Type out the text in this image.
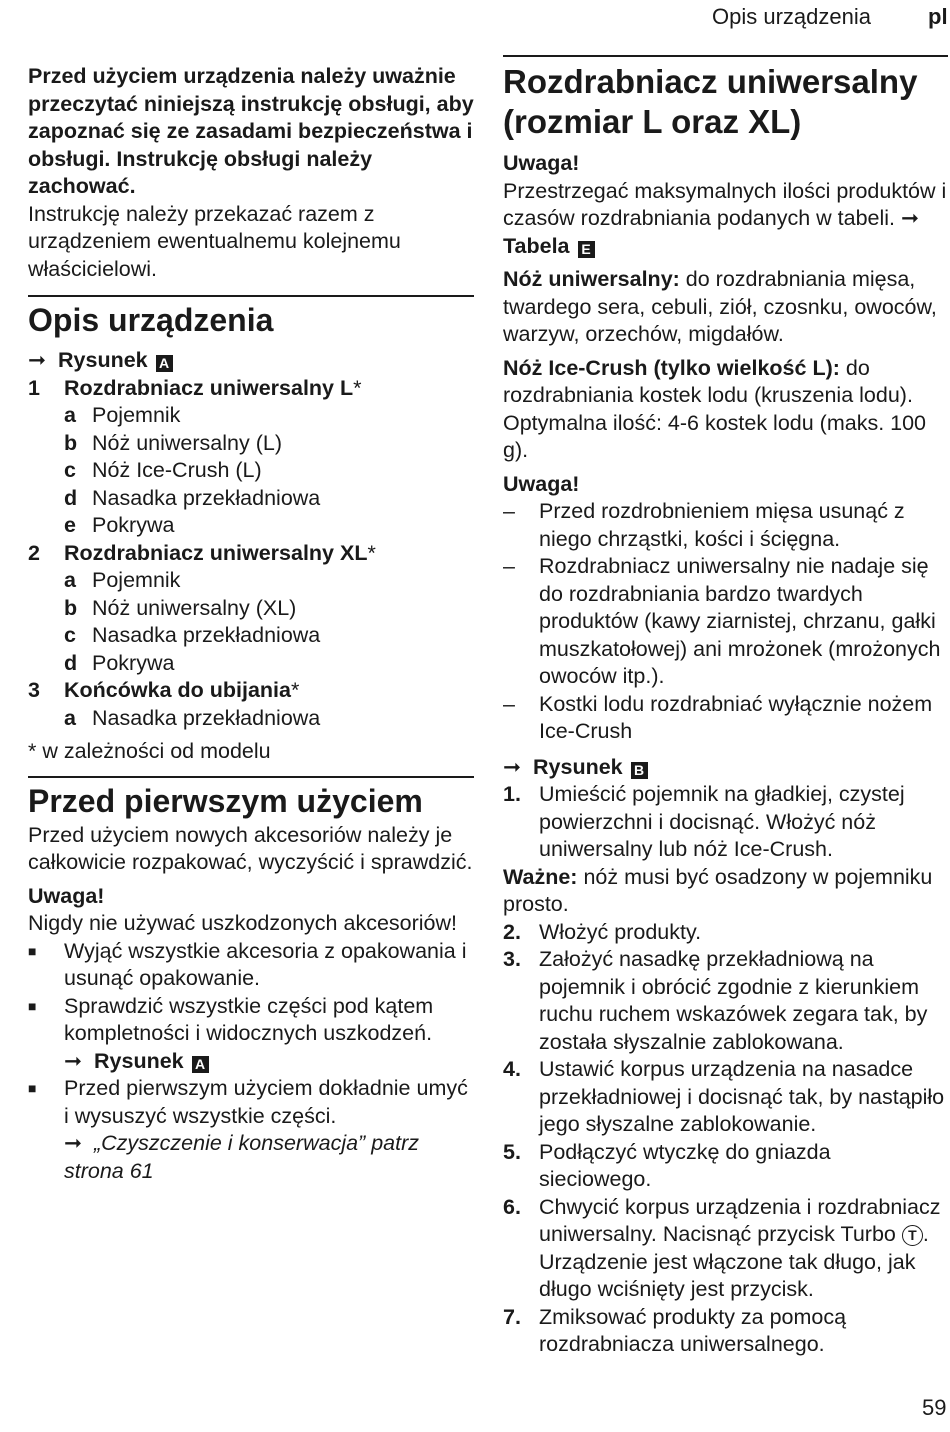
Opis urządzenia	pl

Przed użyciem urządzenia należy uważnie przeczytać niniejszą instrukcję obsługi, aby zapoznać się ze zasadami bezpieczeństwa i obsługi. Instrukcję obsługi należy zachować.

Instrukcję należy przekazać razem z urządzeniem ewentualnemu kolejnemu właścicielowi.

Opis urządzenia

➞ Rysunek A

1	Rozdrabniacz uniwersalny L*
a Pojemnik
b Nóż uniwersalny (L)
c Nóż Ice-Crush (L)
d Nasadka przekładniowa
e Pokrywa
2	Rozdrabniacz uniwersalny XL*
a Pojemnik
b Nóż uniwersalny (XL)
c Nasadka przekładniowa
d Pokrywa
3	Końcówka do ubijania*
a Nasadka przekładniowa

* w zależności od modelu

Przed pierwszym użyciem

Przed użyciem nowych akcesoriów należy je całkowicie rozpakować, wyczyścić i sprawdzić.

Uwaga!

Nigdy nie używać uszkodzonych akcesoriów!

■	Wyjąć wszystkie akcesoria z opakowania i usunąć opakowanie.
■	Sprawdzić wszystkie części pod kątem kompletności i widocznych uszkodzeń.
➞ Rysunek A
■	Przed pierwszym użyciem dokładnie umyć i wysuszyć wszystkie części.
➞ „Czyszczenie i konserwacja” patrz strona 61
Rozdrabniacz uniwersalny (rozmiar L oraz XL)

Uwaga!

Przestrzegać maksymalnych ilości produktów i czasów rozdrabniania podanych w tabeli. ➞Tabela E

Nóż uniwersalny: do rozdrabniania mięsa, twardego sera, cebuli, ziół, czosnku, owoców, warzyw, orzechów, migdałów.

Nóż Ice-Crush (tylko wielkość L): do rozdrabniania kostek lodu (kruszenia lodu). Optymalna ilość: 4-6 kostek lodu (maks. 100 g).

Uwaga!

–	Przed rozdrobnieniem mięsa usunąć z niego chrząstki, kości i ścięgna.
–	Rozdrabniacz uniwersalny nie nadaje się do rozdrabniania bardzo twardych produktów (kawy ziarnistej, chrzanu, gałki muszkatołowej) ani mrożonek (mrożonych owoców itp.).
–	Kostki lodu rozdrabniać wyłącznie nożem Ice-Crush

➞ Rysunek B

1. Umieścić pojemnik na gładkiej, czystej powierzchni i docisnąć. Włożyć nóż uniwersalny lub nóż Ice-Crush.

Ważne: nóż musi być osadzony w pojemniku prosto.

2. Włożyć produkty.
3. Założyć nasadkę przekładniową na pojemnik i obrócić zgodnie z kierunkiem ruchu ruchem wskazówek zegara tak, by została słyszalnie zablokowana.
4. Ustawić korpus urządzenia na nasadce przekładniowej i docisnąć tak, by nastąpiło jego słyszalne zablokowanie.
5. Podłączyć wtyczkę do gniazda sieciowego.
6. Chwycić korpus urządzenia i rozdrabniacz uniwersalny. Nacisnąć przycisk Turbo T . Urządzenie jest włączone tak długo, jak długo wciśnięty jest przycisk.
7. Zmiksować produkty za pomocą rozdrabniacza uniwersalnego.
59
